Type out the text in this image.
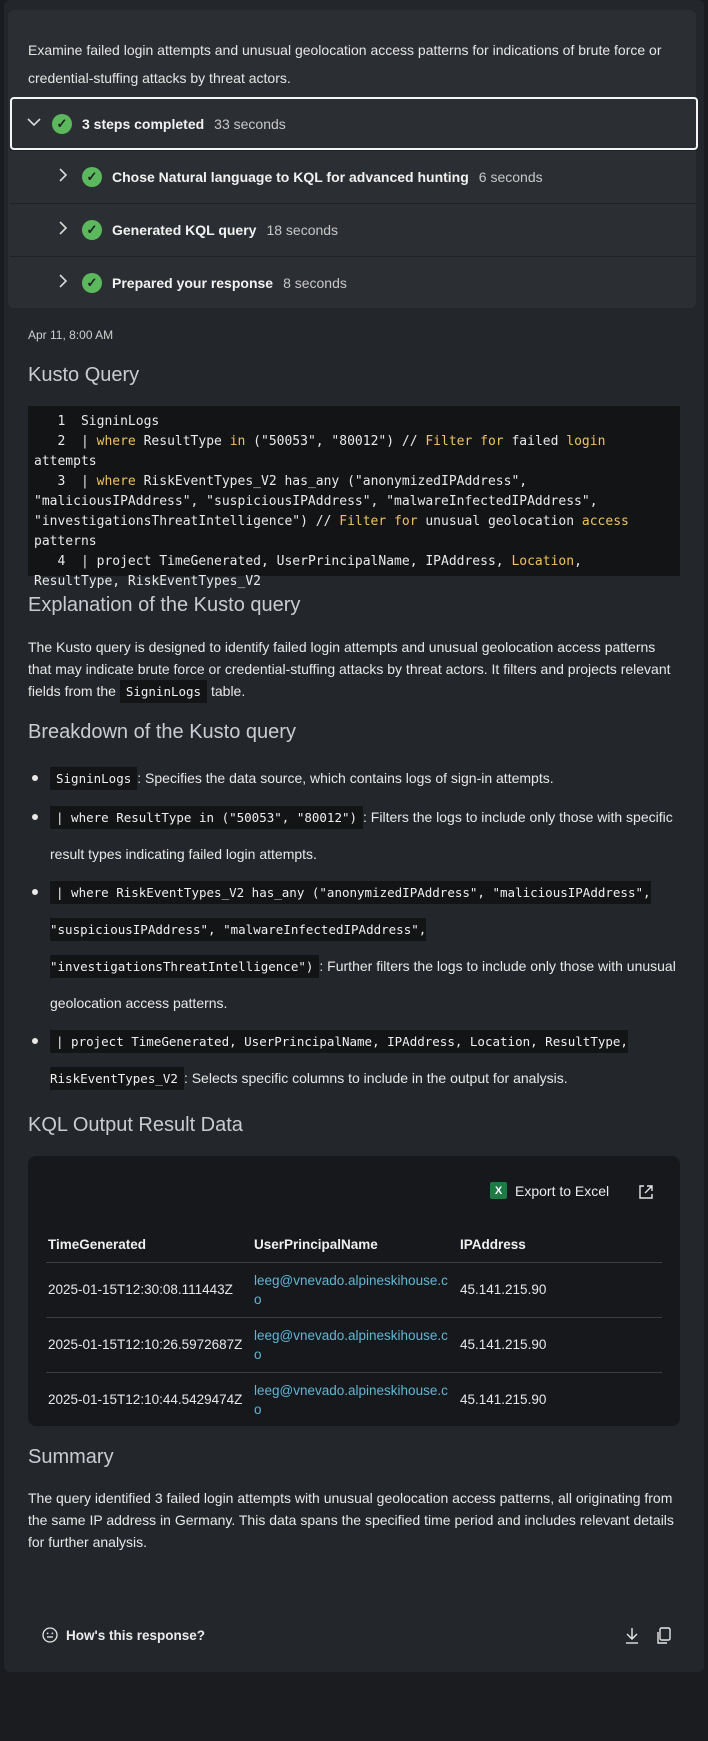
Examine failed login attempts and unusual geolocation access patterns for indications of brute force or credential-stuffing attacks by threat actors.
✓	3 steps completed 33 seconds
✓	Chose Natural language to KQL for advanced hunting 6 seconds
✓	Generated KQL query 18 seconds
✓	Prepared your response 8 seconds
Apr 11, 8:00 AM
Kusto Query
1 SigninLogs
2 | where ResultType in ("50053", "80012") // Filter for failed login attempts
3 | where RiskEventTypes_V2 has_any ("anonymizedIPAddress", "maliciousIPAddress", "suspiciousIPAddress", "malwareInfectedIPAddress", "investigationsThreatIntelligence") // Filter for unusual geolocation access patterns
4 | project TimeGenerated, UserPrincipalName, IPAddress, Location, ResultType, RiskEventTypes_V2
Explanation of the Kusto query
The Kusto query is designed to identify failed login attempts and unusual geolocation access patterns that may indicate brute force or credential-stuffing attacks by threat actors. It filters and projects relevant fields from the SigninLogs table.
Breakdown of the Kusto query
SigninLogs : Specifies the data source, which contains logs of sign-in attempts.
| where ResultType in ("50053", "80012") : Filters the logs to include only those with specific result types indicating failed login attempts.
| where RiskEventTypes_V2 has_any ("anonymizedIPAddress", "maliciousIPAddress", "suspiciousIPAddress", "malwareInfectedIPAddress", "investigationsThreatIntelligence") : Further filters the logs to include only those with unusual geolocation access patterns.
| project TimeGenerated, UserPrincipalName, IPAddress, Location, ResultType, RiskEventTypes_V2 : Selects specific columns to include in the output for analysis.
KQL Output Result Data
X Export to Excel
TimeGenerated	UserPrincipalName	IPAddress
2025-01-15T12:30:08.111443Z	leeg@vnevado.alpineskihouse.co	45.141.215.90
2025-01-15T12:10:26.5972687Z	leeg@vnevado.alpineskihouse.co	45.141.215.90
2025-01-15T12:10:44.5429474Z	leeg@vnevado.alpineskihouse.co	45.141.215.90
Summary
The query identified 3 failed login attempts with unusual geolocation access patterns, all originating from the same IP address in Germany. This data spans the specified time period and includes relevant details for further analysis.
How's this response?
